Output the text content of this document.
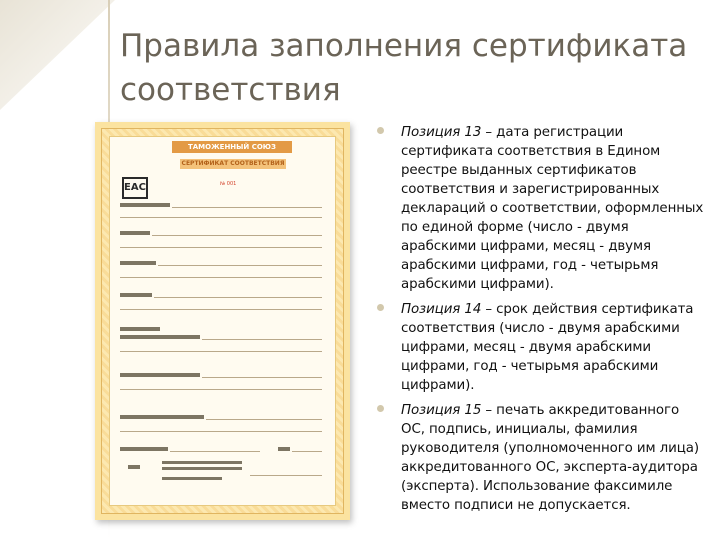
Правила заполнения сертификата соответствия
ТАМОЖЕННЫЙ СОЮЗ
СЕРТИФИКАТ СООТВЕТСТВИЯ
EAC	№ 001
Позиция 13 – дата регистрации сертификата соответствия в Едином реестре выданных сертификатов соответствия и зарегистрированных деклараций о соответствии, оформленных по единой форме (число - двумя арабскими цифрами, месяц - двумя арабскими цифрами, год - четырьмя арабскими цифрами).
Позиция 14 – срок действия сертификата соответствия (число - двумя арабскими цифрами, месяц - двумя арабскими цифрами, год - четырьмя арабскими цифрами).
Позиция 15 – печать аккредитованного ОС, подпись, инициалы, фамилия руководителя (уполномоченного им лица) аккредитованного ОС, эксперта-аудитора (эксперта). Использование факсимиле вместо подписи не допускается.
